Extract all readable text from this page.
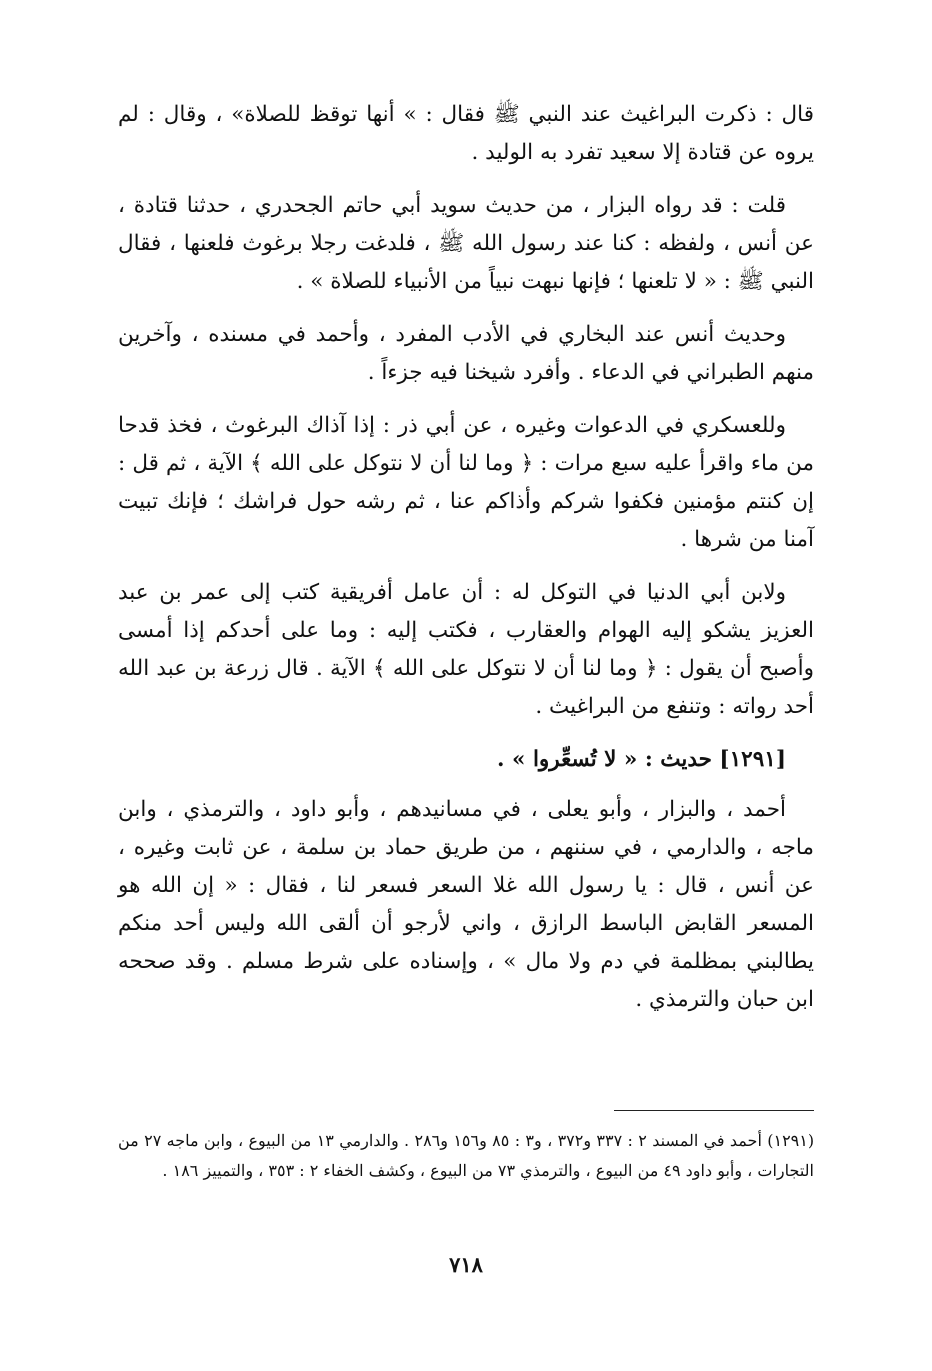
قال : ذكرت البراغيث عند النبي ﷺ فقال : » أنها توقظ للصلاة» ، وقال : لم يروه عن قتادة إلا سعيد تفرد به الوليد .

قلت : قد رواه البزار ، من حديث سويد أبي حاتم الجحدري ، حدثنا قتادة ، عن أنس ، ولفظه : كنا عند رسول الله ﷺ ، فلدغت رجلا برغوث فلعنها ، فقال النبي ﷺ : « لا تلعنها ؛ فإنها نبهت نبياً من الأنبياء للصلاة » .

وحديث أنس عند البخاري في الأدب المفرد ، وأحمد في مسنده ، وآخرين منهم الطبراني في الدعاء . وأفرد شيخنا فيه جزءاً .

وللعسكري في الدعوات وغيره ، عن أبي ذر : إذا آذاك البرغوث ، فخذ قدحا من ماء واقرأ عليه سبع مرات : ﴿ وما لنا أن لا نتوكل على الله ﴾ الآية ، ثم قل : إن كنتم مؤمنين فكفوا شركم وأذاكم عنا ، ثم رشه حول فراشك ؛ فإنك تبيت آمنا من شرها .

ولابن أبي الدنيا في التوكل له : أن عامل أفريقية كتب إلى عمر بن عبد العزيز يشكو إليه الهوام والعقارب ، فكتب إليه : وما على أحدكم إذا أمسى وأصبح أن يقول : ﴿ وما لنا أن لا نتوكل على الله ﴾ الآية . قال زرعة بن عبد الله أحد رواته : وتنفع من البراغيث .

[١٢٩١] حديث : « لا تُسعِّروا » .

أحمد ، والبزار ، وأبو يعلى ، في مسانيدهم ، وأبو داود ، والترمذي ، وابن ماجه ، والدارمي ، في سننهم ، من طريق حماد بن سلمة ، عن ثابت وغيره ، عن أنس ، قال : يا رسول الله غلا السعر فسعر لنا ، فقال : « إن الله هو المسعر القابض الباسط الرازق ، واني لأرجو أن ألقى الله وليس أحد منكم يطالبني بمظلمة في دم ولا مال » ، وإسناده على شرط مسلم . وقد صححه ابن حبان والترمذي .

(١٢٩١) أحمد في المسند ٢ : ٣٣٧ و٣٧٢ ، و٣ : ٨٥ و١٥٦ و٢٨٦ . والدارمي ١٣ من البيوع ، وابن ماجه ٢٧ من التجارات ، وأبو داود ٤٩ من البيوع ، والترمذي ٧٣ من البيوع ، وكشف الخفاء ٢ : ٣٥٣ ، والتمييز ١٨٦ .

٧١٨
